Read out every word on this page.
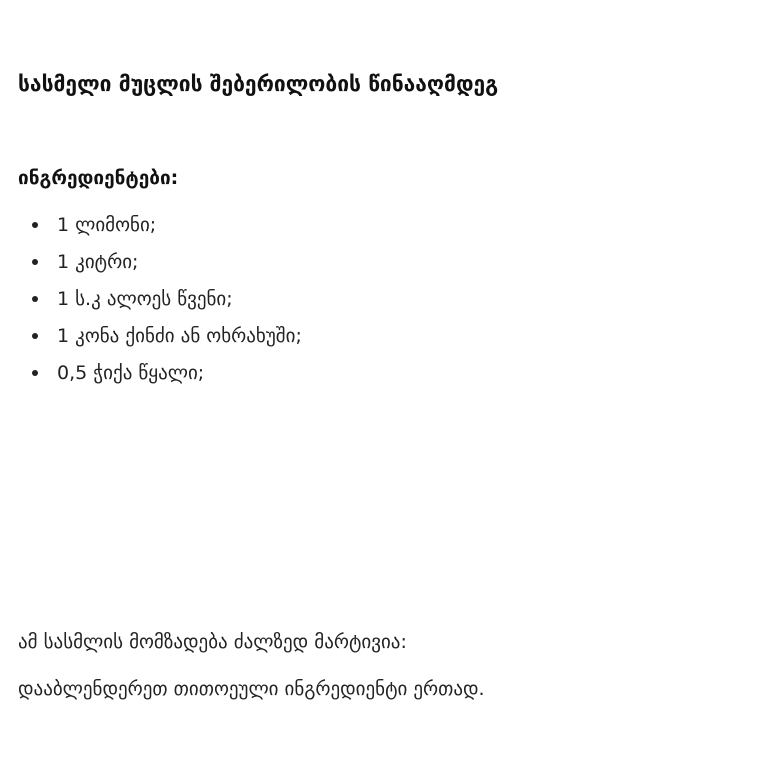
სასმელი მუცლის შებერილობის წინააღმდეგ
ინგრედიენტები:
1 ლიმონი;
1 კიტრი;
1 ს.კ ალოეს წვენი;
1 კონა ქინძი ან ოხრახუში;
0,5 ჭიქა წყალი;

ამ სასმლის მომზადება ძალზედ მარტივია:

დააბლენდერეთ თითოეული ინგრედიენტი ერთად.
